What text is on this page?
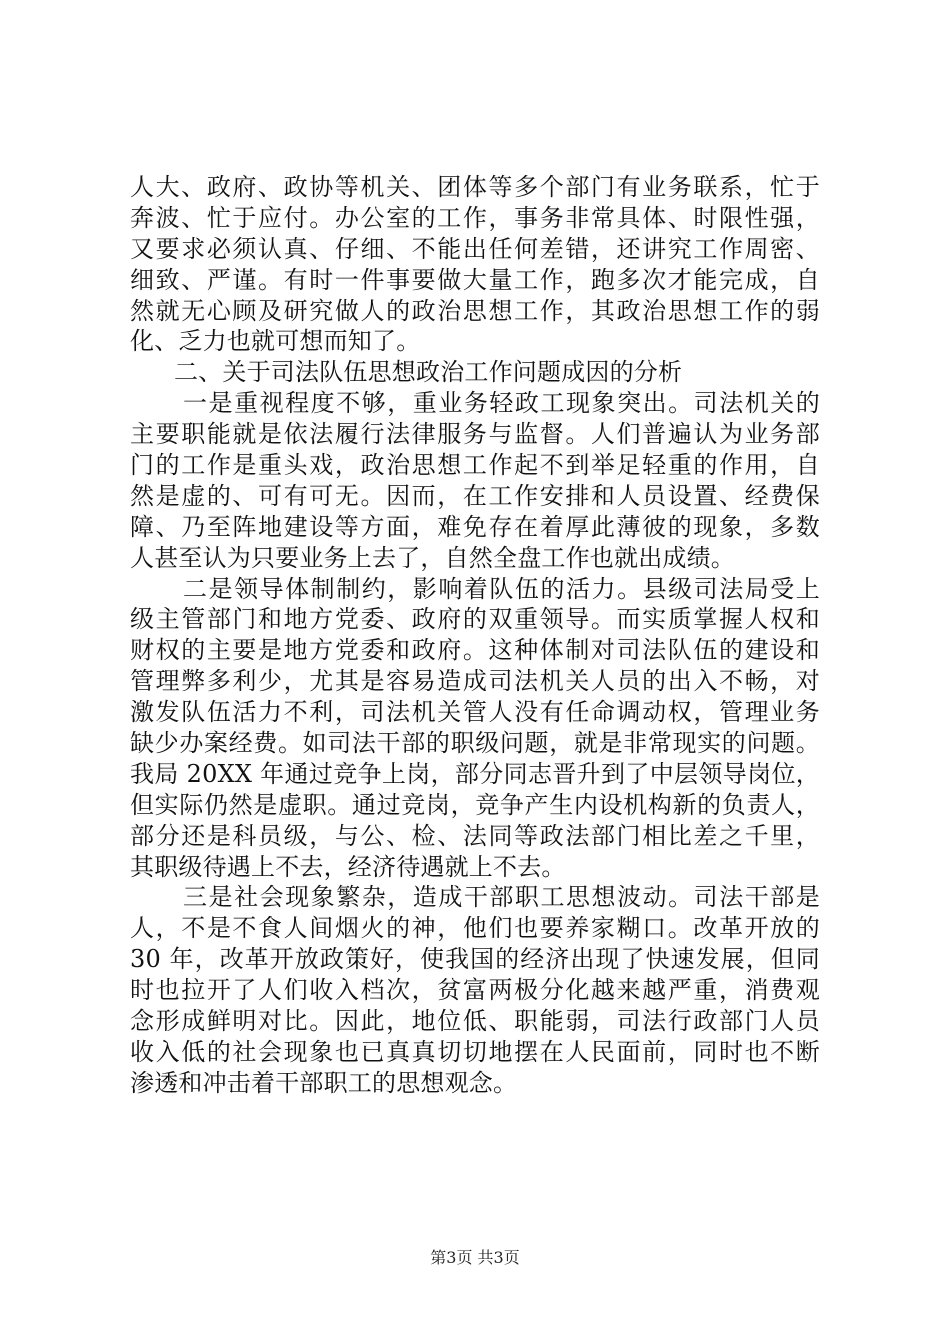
人大、政府、政协等机关、团体等多个部门有业务联系，忙于
奔波、忙于应付。办公室的工作，事务非常具体、时限性强，
又要求必须认真、仔细、不能出任何差错，还讲究工作周密、
细致、严谨。有时一件事要做大量工作，跑多次才能完成，自
然就无心顾及研究做人的政治思想工作，其政治思想工作的弱
化、乏力也就可想而知了。
二、关于司法队伍思想政治工作问题成因的分析
一是重视程度不够，重业务轻政工现象突出。司法机关的
主要职能就是依法履行法律服务与监督。人们普遍认为业务部
门的工作是重头戏，政治思想工作起不到举足轻重的作用，自
然是虚的、可有可无。因而，在工作安排和人员设置、经费保
障、乃至阵地建设等方面，难免存在着厚此薄彼的现象，多数
人甚至认为只要业务上去了，自然全盘工作也就出成绩。
二是领导体制制约，影响着队伍的活力。县级司法局受上
级主管部门和地方党委、政府的双重领导。而实质掌握人权和
财权的主要是地方党委和政府。这种体制对司法队伍的建设和
管理弊多利少，尤其是容易造成司法机关人员的出入不畅，对
激发队伍活力不利，司法机关管人没有任命调动权，管理业务
缺少办案经费。如司法干部的职级问题，就是非常现实的问题。
我局 20XX 年通过竞争上岗，部分同志晋升到了中层领导岗位，
但实际仍然是虚职。通过竞岗，竞争产生内设机构新的负责人，
部分还是科员级，与公、检、法同等政法部门相比差之千里，
其职级待遇上不去，经济待遇就上不去。
三是社会现象繁杂，造成干部职工思想波动。司法干部是
人，不是不食人间烟火的神，他们也要养家糊口。改革开放的
30 年，改革开放政策好，使我国的经济出现了快速发展，但同
时也拉开了人们收入档次，贫富两极分化越来越严重，消费观
念形成鲜明对比。因此，地位低、职能弱，司法行政部门人员
收入低的社会现象也已真真切切地摆在人民面前，同时也不断
渗透和冲击着干部职工的思想观念。
第3页 共3页
